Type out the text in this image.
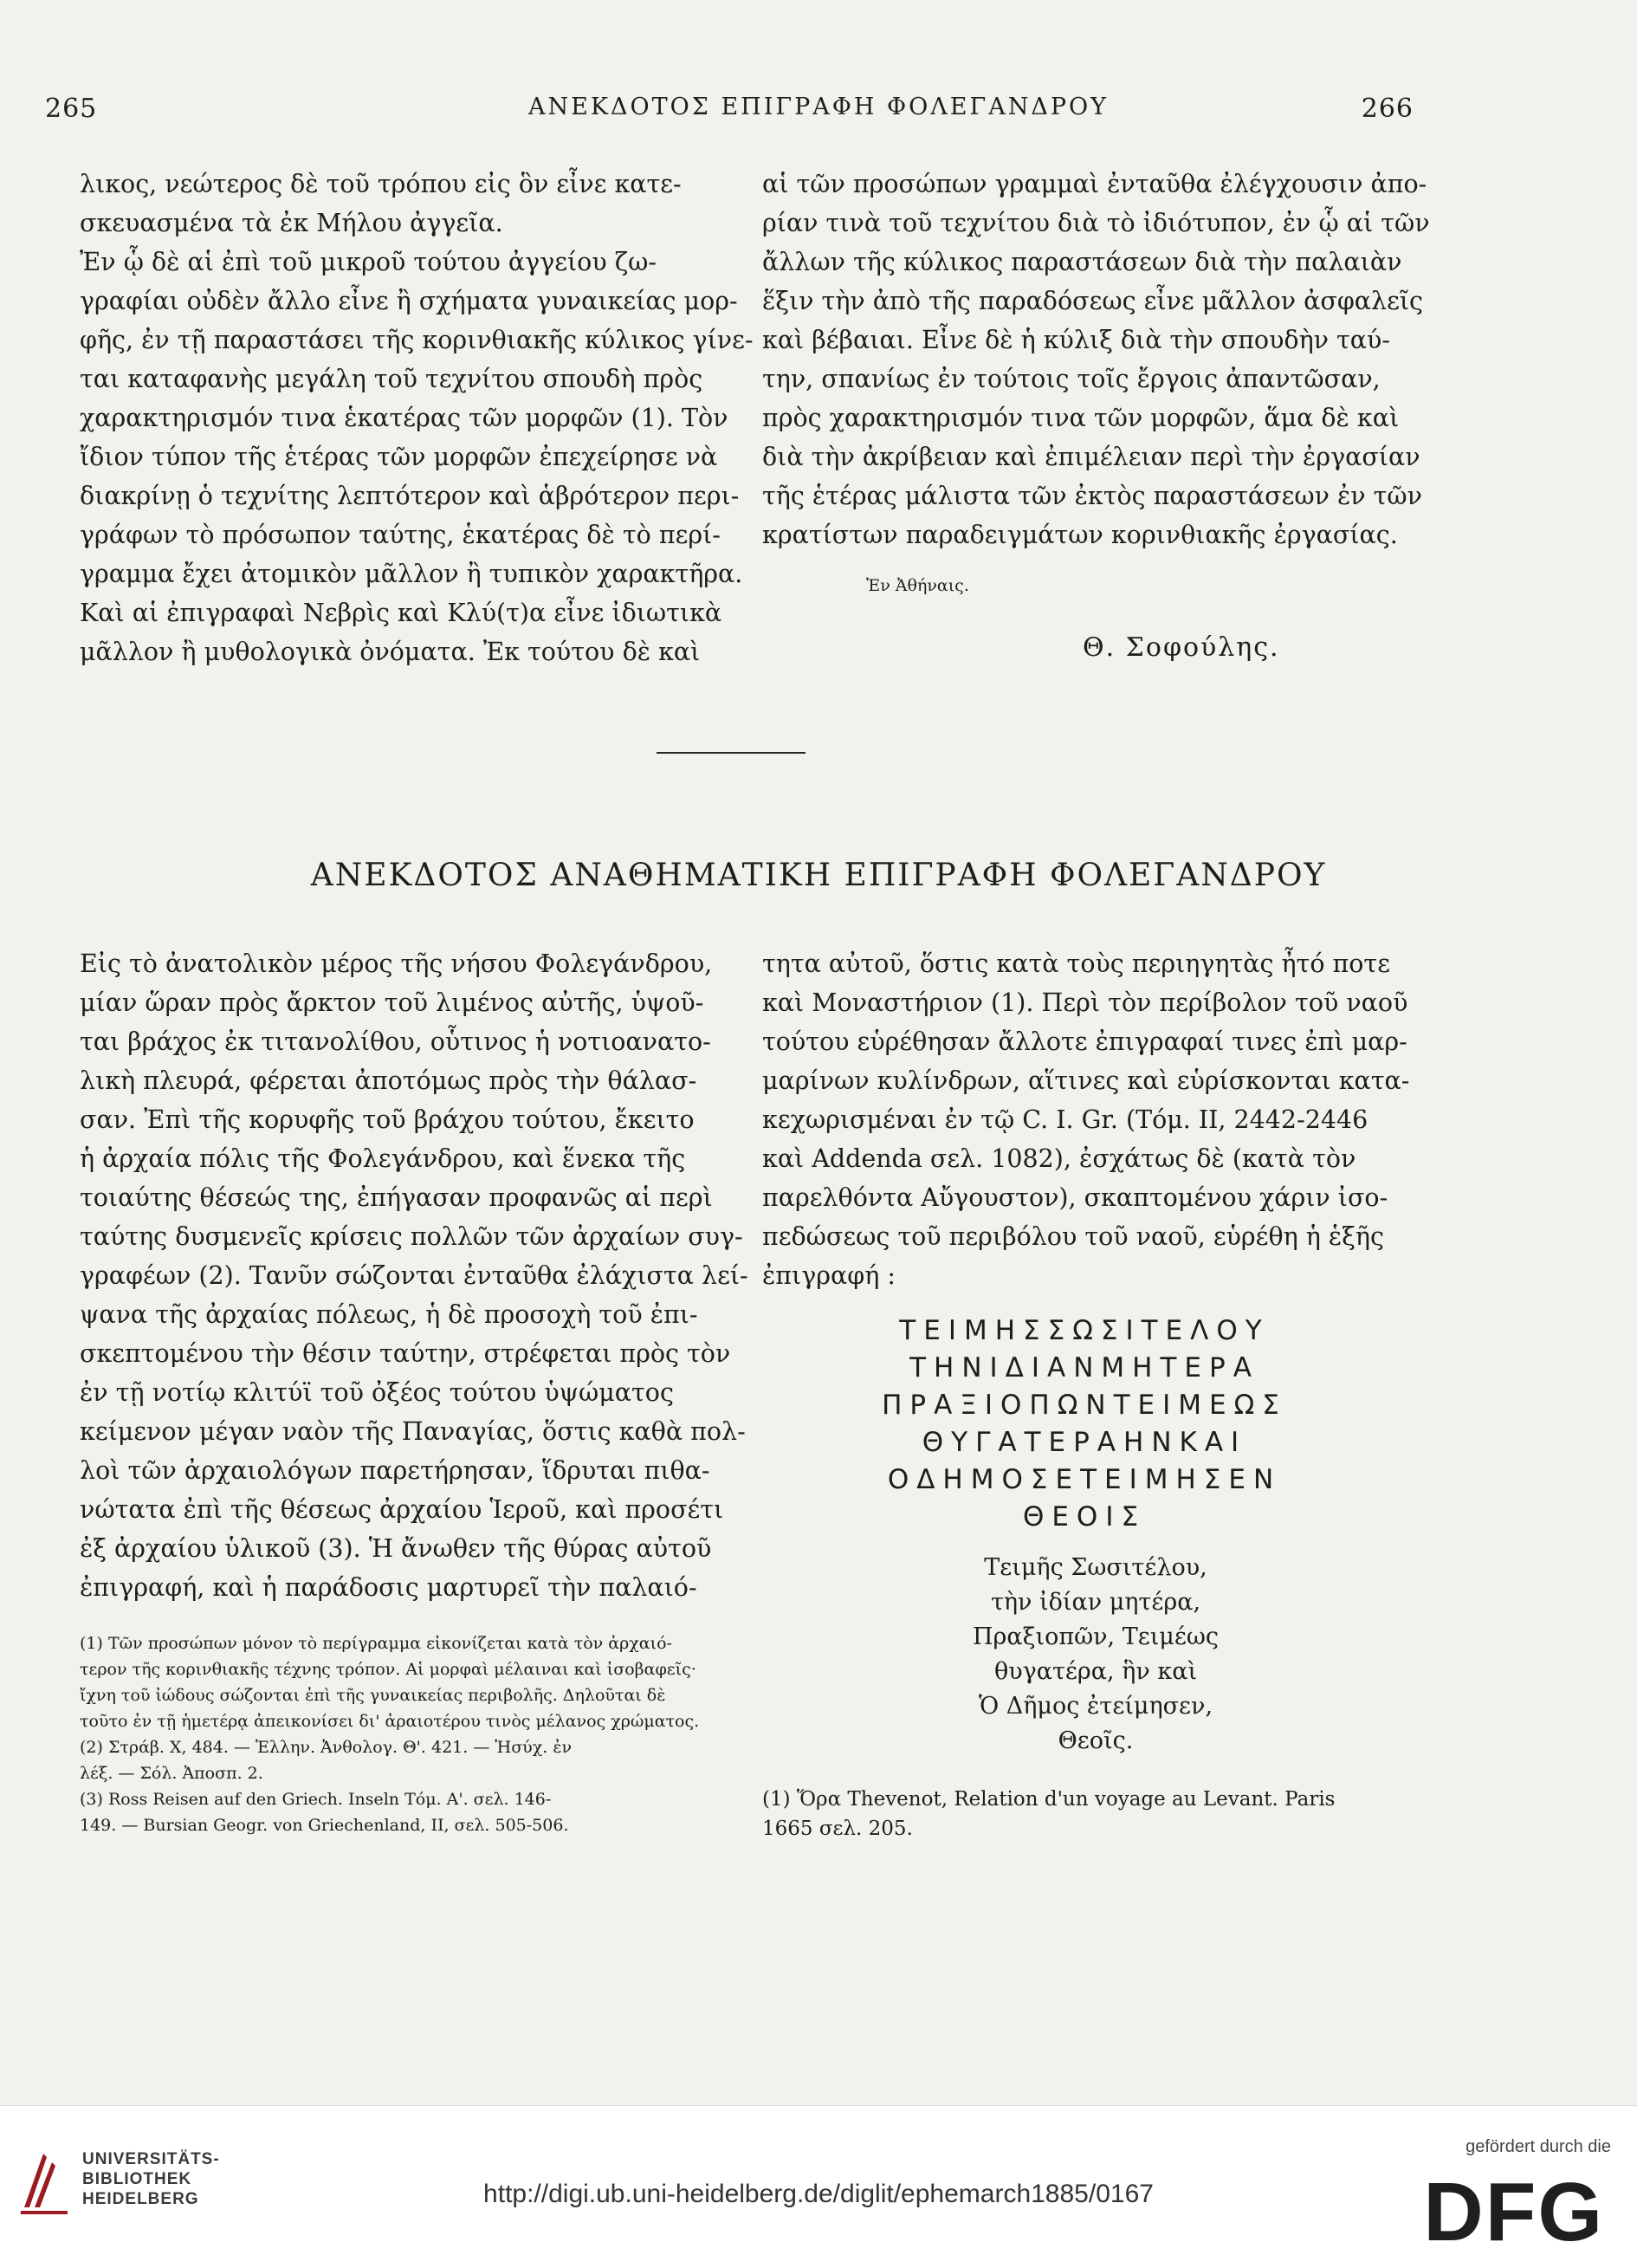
265	ΑΝΕΚΔΟΤΟΣ ΕΠΙΓΡΑΦΗ ΦΟΛΕΓΑΝΔΡΟΥ	266
λικος, νεώτερος δὲ τοῦ τρόπου εἰς ὃν εἶνε κατε-
σκευασμένα τὰ ἐκ Μήλου ἀγγεῖα.
Ἐν ᾧ δὲ αἱ ἐπὶ τοῦ μικροῦ τούτου ἀγγείου ζω-
γραφίαι οὐδὲν ἄλλο εἶνε ἢ σχήματα γυναικείας μορ-
φῆς, ἐν τῇ παραστάσει τῆς κορινθιακῆς κύλικος γίνε-
ται καταφανὴς μεγάλη τοῦ τεχνίτου σπουδὴ πρὸς
χαρακτηρισμόν τινα ἑκατέρας τῶν μορφῶν (1). Τὸν
ἴδιον τύπον τῆς ἑτέρας τῶν μορφῶν ἐπεχείρησε νὰ
διακρίνῃ ὁ τεχνίτης λεπτότερον καὶ ἁβρότερον περι-
γράφων τὸ πρόσωπον ταύτης, ἑκατέρας δὲ τὸ περί-
γραμμα ἔχει ἀτομικὸν μᾶλλον ἢ τυπικὸν χαρακτῆρα.
Καὶ αἱ ἐπιγραφαὶ Νεβρὶς καὶ Κλύ(τ)α εἶνε ἰδιωτικὰ
μᾶλλον ἢ μυθολογικὰ ὀνόματα. Ἐκ τούτου δὲ καὶ
αἱ τῶν προσώπων γραμμαὶ ἐνταῦθα ἐλέγχουσιν ἀπο-
ρίαν τινὰ τοῦ τεχνίτου διὰ τὸ ἰδιότυπον, ἐν ᾧ αἱ τῶν
ἄλλων τῆς κύλικος παραστάσεων διὰ τὴν παλαιὰν
ἕξιν τὴν ἀπὸ τῆς παραδόσεως εἶνε μᾶλλον ἀσφαλεῖς
καὶ βέβαιαι. Εἶνε δὲ ἡ κύλιξ διὰ τὴν σπουδὴν ταύ-
την, σπανίως ἐν τούτοις τοῖς ἔργοις ἀπαντῶσαν,
πρὸς χαρακτηρισμόν τινα τῶν μορφῶν, ἅμα δὲ καὶ
διὰ τὴν ἀκρίβειαν καὶ ἐπιμέλειαν περὶ τὴν ἐργασίαν
τῆς ἑτέρας μάλιστα τῶν ἐκτὸς παραστάσεων ἐν τῶν
κρατίστων παραδειγμάτων κορινθιακῆς ἐργασίας.
Ἐν Ἀθήναις.
Θ. Σοφούλης.
ΑΝΕΚΔΟΤΟΣ ΑΝΑΘΗΜΑΤΙΚΗ ΕΠΙΓΡΑΦΗ ΦΟΛΕΓΑΝΔΡΟΥ
Εἰς τὸ ἀνατολικὸν μέρος τῆς νήσου Φολεγάνδρου,
μίαν ὥραν πρὸς ἄρκτον τοῦ λιμένος αὐτῆς, ὑψοῦ-
ται βράχος ἐκ τιτανολίθου, οὗτινος ἡ νοτιοανατο-
λικὴ πλευρά, φέρεται ἀποτόμως πρὸς τὴν θάλασ-
σαν. Ἐπὶ τῆς κορυφῆς τοῦ βράχου τούτου, ἔκειτο
ἡ ἀρχαία πόλις τῆς Φολεγάνδρου, καὶ ἕνεκα τῆς
τοιαύτης θέσεώς της, ἐπήγασαν προφανῶς αἱ περὶ
ταύτης δυσμενεῖς κρίσεις πολλῶν τῶν ἀρχαίων συγ-
γραφέων (2). Τανῦν σώζονται ἐνταῦθα ἐλάχιστα λεί-
ψανα τῆς ἀρχαίας πόλεως, ἡ δὲ προσοχὴ τοῦ ἐπι-
σκεπτομένου τὴν θέσιν ταύτην, στρέφεται πρὸς τὸν
ἐν τῇ νοτίῳ κλιτύϊ τοῦ ὀξέος τούτου ὑψώματος
κείμενον μέγαν ναὸν τῆς Παναγίας, ὅστις καθὰ πολ-
λοὶ τῶν ἀρχαιολόγων παρετήρησαν, ἵδρυται πιθα-
νώτατα ἐπὶ τῆς θέσεως ἀρχαίου Ἱεροῦ, καὶ προσέτι
ἐξ ἀρχαίου ὑλικοῦ (3). Ἡ ἄνωθεν τῆς θύρας αὐτοῦ
ἐπιγραφή, καὶ ἡ παράδοσις μαρτυρεῖ τὴν παλαιό-
τητα αὐτοῦ, ὅστις κατὰ τοὺς περιηγητὰς ἦτό ποτε
καὶ Μοναστήριον (1). Περὶ τὸν περίβολον τοῦ ναοῦ
τούτου εὑρέθησαν ἄλλοτε ἐπιγραφαί τινες ἐπὶ μαρ-
μαρίνων κυλίνδρων, αἵτινες καὶ εὑρίσκονται κατα-
κεχωρισμέναι ἐν τῷ C. I. Gr. (Τόμ. II, 2442-2446
καὶ Addenda σελ. 1082), ἐσχάτως δὲ (κατὰ τὸν
παρελθόντα Αὔγουστον), σκαπτομένου χάριν ἰσο-
πεδώσεως τοῦ περιβόλου τοῦ ναοῦ, εὑρέθη ἡ ἑξῆς
ἐπιγραφή :
ΤΕΙΜΗΣΣΩΣΙΤΕΛΟΥ
ΤΗΝΙΔΙΑΝΜΗΤΕΡΑ
ΠΡΑΞΙΟΠΩΝΤΕΙΜΕΩΣ
ΘΥΓΑΤΕΡΑΗΝΚΑΙ
ΟΔΗΜΟΣΕΤΕΙΜΗΣΕΝ
ΘΕΟΙΣ
Τειμῆς Σωσιτέλου,
τὴν ἰδίαν μητέρα,
Πραξιοπῶν, Τειμέως
θυγατέρα, ἣν καὶ
Ὁ Δῆμος ἐτείμησεν,
Θεοῖς.
(1) Τῶν προσώπων μόνον τὸ περίγραμμα εἰκονίζεται κατὰ τὸν ἀρχαιό-
τερον τῆς κορινθιακῆς τέχνης τρόπον. Αἱ μορφαὶ μέλαιναι καὶ ἰσοβαφεῖς·
ἴχνη τοῦ ἰώδους σώζονται ἐπὶ τῆς γυναικείας περιβολῆς. Δηλοῦται δὲ
τοῦτο ἐν τῇ ἡμετέρᾳ ἀπεικονίσει δι' ἀραιοτέρου τινὸς μέλανος χρώματος.
(2) Στράβ. X, 484. — Ἑλλην. Ἀνθολογ. Θ'. 421. — Ἡσύχ. ἐν
λέξ. — Σόλ. Ἀποσπ. 2.
(3) Ross Reisen auf den Griech. Inseln Τόμ. Α'. σελ. 146-
149. — Bursian Geogr. von Griechenland, II, σελ. 505-506.
(1) Ὅρα Thevenot, Relation d'un voyage au Levant. Paris
1665 σελ. 205.
UNIVERSITÄTS-
BIBLIOTHEK
HEIDELBERG	http://digi.ub.uni-heidelberg.de/diglit/ephemarch1885/0167
gefördert durch die
DFG
